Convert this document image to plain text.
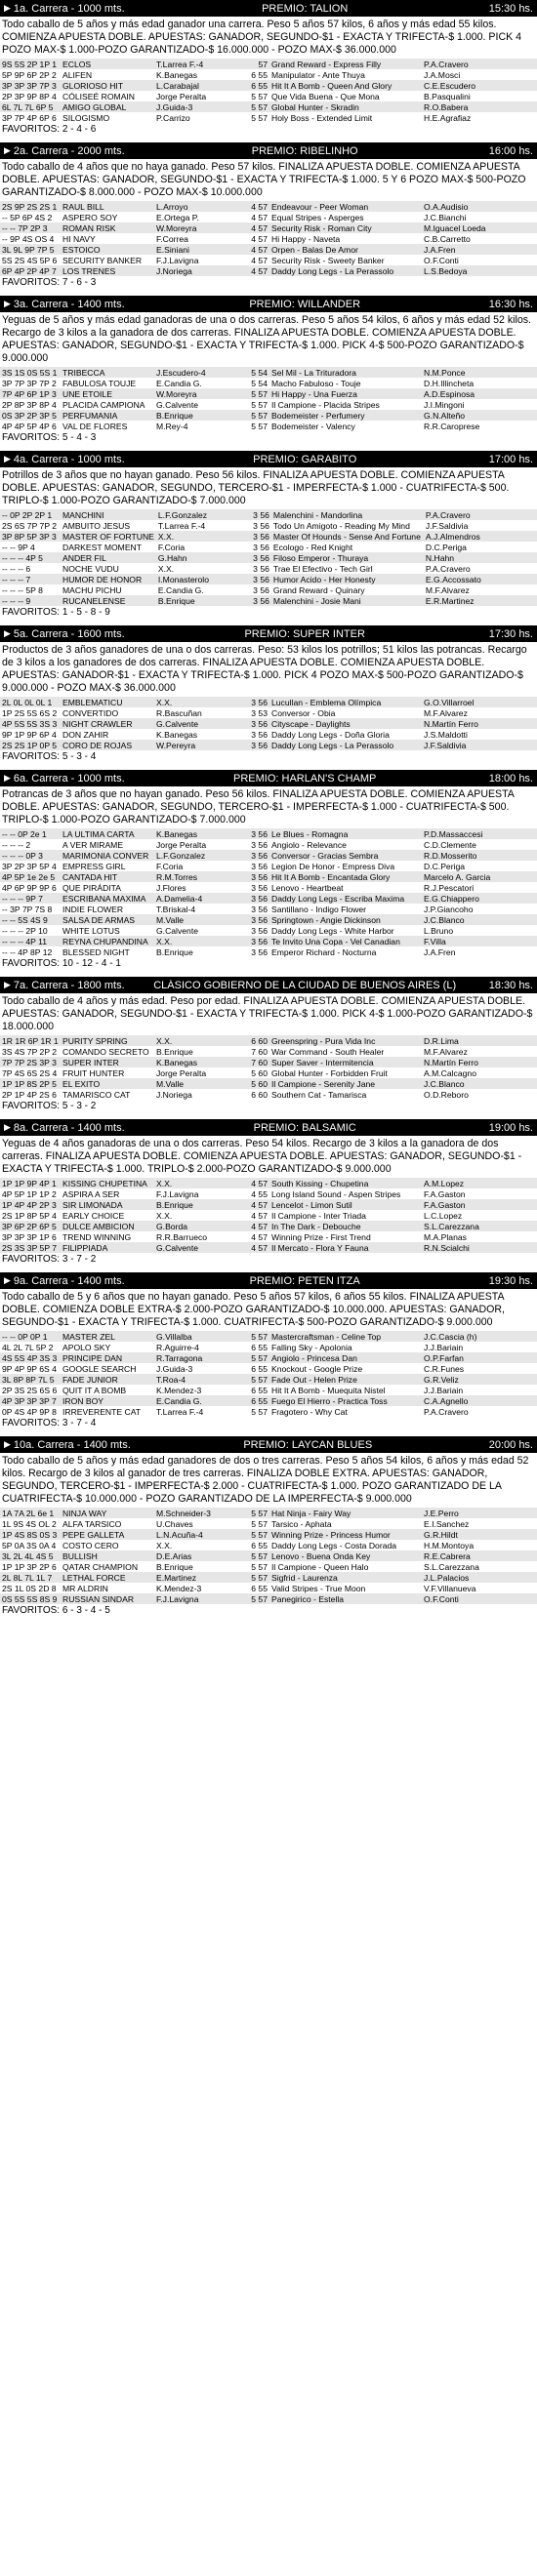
▶ 1a. Carrera - 1000 mts.	PREMIO: TALION	15:30 hs.
Todo caballo de 5 años y más edad ganador una carrera. Peso 5 años 57 kilos, 6 años y más edad 55 kilos. COMIENZA APUESTA DOBLE. APUESTAS: GANADOR, SEGUNDO-$1 - EXACTA Y TRIFECTA-$ 1.000. PICK 4 POZO MAX-$ 1.000-POZO GARANTIZADO-$ 16.000.000 - POZO MAX-$ 36.000.000
9S 5S 2P 1P 1	ECLOS	T.Larrea F.-4	57	Grand Reward - Express Filly	P.A.Cravero
5P 9P 6P 2P 2	ALIFEN	K.Banegas	6 55	Manipulator - Ante Thuya	J.A.Mosci
3P 3P 3P 7P 3	GLORIOSO HIT	L.Carabajal	6 55	Hit It A Bomb - Queen And Glory	C.E.Escudero
2P 3P 9P 8P 4	CÓLISEÉ ROMAIN	Jorge Peralta	5 57	Que Vida Buena - Que Mona	B.Pasqualini
6L 7L 7L 6P 5	AMIGO GLOBAL	J.Guida-3	5 57	Global Hunter - Skradin	R.O.Babera
3P 7P 4P 6P 6	SILOGISMO	P.Carrizo	5 57	Holy Boss - Extended Limit	H.E.Agrafiaz
FAVORITOS: 2 - 4 - 6
▶ 2a. Carrera - 2000 mts.	PREMIO: RIBELINHO	16:00 hs.
Todo caballo de 4 años que no haya ganado. Peso 57 kilos. FINALIZA APUESTA DOBLE. COMIENZA APUESTA DOBLE. APUESTAS: GANADOR, SEGUNDO-$1 - EXACTA Y TRIFECTA-$ 1.000. 5 Y 6 POZO MAX-$ 500-POZO GARANTIZADO-$ 8.000.000 - POZO MAX-$ 10.000.000
2S 9P 2S 2S 1	RAUL BILL	L.Arroyo	4 57	Endeavour - Peer Woman	O.A.Audisio
-- 5P 6P 4S 2	ASPERO SOY	E.Ortega P.	4 57	Equal Stripes - Asperges	J.C.Bianchi
-- -- 7P 2P 3	ROMAN RISK	W.Moreyra	4 57	Security Risk - Roman City	M.Iguacel Loeda
-- 9P 4S OS 4	HI NAVY	F.Correa	4 57	Hi Happy - Naveta	C.B.Carretto
3L 9L 9P 7P 5	ESTOICO	E.Siniani	4 57	Orpen - Balas De Amor	J.A.Fren
5S 2S 4S 5P 6	SECURITY BANKER	F.J.Lavigna	4 57	Security Risk - Sweety Banker	O.F.Conti
6P 4P 2P 4P 7	LOS TRENES	J.Noriega	4 57	Daddy Long Legs - La Perassolo	L.S.Bedoya
FAVORITOS: 7 - 6 - 3
▶ 3a. Carrera - 1400 mts.	PREMIO: WILLANDER	16:30 hs.
Yeguas de 5 años y más edad ganadoras de una o dos carreras. Peso 5 años 54 kilos, 6 años y más edad 52 kilos. Recargo de 3 kilos a la ganadora de dos carreras. FINALIZA APUESTA DOBLE. COMIENZA APUESTA DOBLE. APUESTAS: GANADOR, SEGUNDO-$1 - EXACTA Y TRIFECTA-$ 1.000. PICK 4-$ 500-POZO GARANTIZADO-$ 9.000.000
3S 1S 0S 5S 1	TRIBECCA	J.Escudero-4	5 54	Sel Mil - La Trituradora	N.M.Ponce
3P 7P 3P 7P 2	FABULOSA TOUJE	E.Candia G.	5 54	Macho Fabuloso - Touje	D.H.Illincheta
7P 4P 6P 1P 3	UNE ETOILE	W.Moreyra	5 57	Hi Happy - Una Fuerza	A.D.Espinosa
2P 8P 3P 8P 4	PLACIDA CAMPIONA	G.Calvente	5 57	Il Campione - Placida Stripes	J.I.Mingoni
0S 3P 2P 3P 5	PERFUMANIA	B.Enrique	5 57	Bodemeister - Perfumery	G.N.Alteño
4P 4P 5P 4P 6	VAL DE FLORES	M.Rey-4	5 57	Bodemeister - Valency	R.R.Caroprese
FAVORITOS: 5 - 4 - 3
▶ 4a. Carrera - 1000 mts.	PREMIO: GARABITO	17:00 hs.
Potrillos de 3 años que no hayan ganado. Peso 56 kilos. FINALIZA APUESTA DOBLE. COMIENZA APUESTA DOBLE. APUESTAS: GANADOR, SEGUNDO, TERCERO-$1 - IMPERFECTA-$ 1.000 - CUATRIFECTA-$ 500. TRIPLO-$ 1.000-POZO GARANTIZADO-$ 7.000.000
-- 0P 2P 2P 1	MANCHINI	L.F.Gonzalez	3 56	Malenchini - Mandorlina	P.A.Cravero
2S 6S 7P 7P 2	AMBUITO JESUS	T.Larrea F.-4	3 56	Todo Un Amigoto - Reading My Mind	J.F.Saldivia
3P 8P 5P 3P 3	MASTER OF FORTUNE	X.X.	3 56	Master Of Hounds - Sense And Fortune	A.J.Almendros
-- -- 9P 4	DARKEST MOMENT	F.Coria	3 56	Ecologo - Red Knight	D.C.Periga
-- -- -- 4P 5	ANDER FIL	G.Hahn	3 56	Filoso Emperor - Thuraya	N.Hahn
-- -- -- 6	NOCHE VUDU	X.X.	3 56	Trae El Efectivo - Tech Girl	P.A.Cravero
-- -- -- 7	HUMOR DE HONOR	I.Monasterolo	3 56	Humor Acido - Her Honesty	E.G.Accossato
-- -- -- 5P 8	MACHU PICHU	E.Candia G.	3 56	Grand Reward - Quinary	M.F.Alvarez
-- -- -- 9	RUCANELENSE	B.Enrique	3 56	Malenchini - Josie Mani	E.R.Martinez
FAVORITOS: 1 - 5 - 8 - 9
▶ 5a. Carrera - 1600 mts.	PREMIO: SUPER INTER	17:30 hs.
Productos de 3 años ganadores de una o dos carreras. Peso: 53 kilos los potrillos; 51 kilos las potrancas. Recargo de 3 kilos a los ganadores de dos carreras. FINALIZA APUESTA DOBLE. COMIENZA APUESTA DOBLE. APUESTAS: GANADOR-$1 - EXACTA Y TRIFECTA-$ 1.000. PICK 4 POZO MAX-$ 500-POZO GARANTIZADO-$ 9.000.000 - POZO MAX-$ 36.000.000
2L 0L 0L 0L 1	EMBLEMATICU	X.X.	3 56	Lucullan - Emblema Olímpica	G.O.Villarroel
1P 2S 5S 6S 2	CONVERTIDO	R.Bascuñan	3 53	Conversor - Obia	M.F.Alvarez
4P 5S 5S 3S 3	NIGHT CRAWLER	G.Calvente	3 56	Cityscape - Daylights	N.Martín Ferro
9P 1P 9P 6P 4	DON ZAHIR	K.Banegas	3 56	Daddy Long Legs - Doña Gloria	J.S.Maldotti
2S 2S 1P 0P 5	CORO DE ROJAS	W.Pereyra	3 56	Daddy Long Legs - La Perassolo	J.F.Saldivia
FAVORITOS: 5 - 3 - 4
▶ 6a. Carrera - 1000 mts.	PREMIO: HARLAN'S CHAMP	18:00 hs.
Potrancas de 3 años que no hayan ganado. Peso 56 kilos. FINALIZA APUESTA DOBLE. COMIENZA APUESTA DOBLE. APUESTAS: GANADOR, SEGUNDO, TERCERO-$1 - IMPERFECTA-$ 1.000 - CUATRIFECTA-$ 500. TRIPLO-$ 1.000-POZO GARANTIZADO-$ 7.000.000
-- -- 0P 2e 1	LA ULTIMA CARTA	K.Banegas	3 56	Le Blues - Romagna	P.D.Massaccesi
-- -- -- 2	A VER MIRAME	Jorge Peralta	3 56	Angiolo - Relevance	C.D.Clemente
-- -- -- 0P 3	MARIMONIA CONVER	L.F.Gonzalez	3 56	Conversor - Gracias Sembra	R.D.Mosserito
3P 2P 3P 5P 4	EMPRESS GIRL	F.Coria	3 56	Legion De Honor - Empress Diva	D.C.Periga
4P 5P 1e 2e 5	CANTADA HIT	R.M.Torres	3 56	Hit It A Bomb - Encantada Glory	Marcelo A. Garcia
4P 6P 9P 9P 6	QUE PIRÁDITA	J.Flores	3 56	Lenovo - Heartbeat	R.J.Pescatori
-- -- -- 9P 7	ESCRIBANA MAXIMA	A.Damelia-4	3 56	Daddy Long Legs - Escriba Maxima	E.G.Chiappero
-- 3P 7P 7S 8	INDIE FLOWER	T.Briskal-4	3 56	Santillano - Indigo Flower	J.P.Giancoho
-- -- 5S 4S 9	SALSA DE ARMAS	M.Valle	3 56	Springtown - Angie Dickinson	J.C.Blanco
-- -- -- 2P 10	WHITE LOTUS	G.Calvente	3 56	Daddy Long Legs - White Harbor	L.Bruno
-- -- -- 4P 11	REYNA CHUPANDINA	X.X.	3 56	Te Invito Una Copa - Vel Canadian	F.Villa
-- -- 4P 8P 12	BLESSED NIGHT	B.Enrique	3 56	Emperor Richard - Nocturna	J.A.Fren
FAVORITOS: 10 - 12 - 4 - 1
▶ 7a. Carrera - 1800 mts.	CLÁSICO GOBIERNO DE LA CIUDAD DE BUENOS AIRES (L)	18:30 hs.
Todo caballo de 4 años y más edad. Peso por edad. FINALIZA APUESTA DOBLE. COMIENZA APUESTA DOBLE. APUESTAS: GANADOR, SEGUNDO-$1 - EXACTA Y TRIFECTA-$ 1.000. PICK 4-$ 1.000-POZO GARANTIZADO-$ 18.000.000
1R 1R 6P 1R 1	PURITY SPRING	X.X.	6 60	Greenspring - Pura Vida Inc	D.R.Lima
3S 4S 7P 2P 2	COMANDO SECRETO	B.Enrique	7 60	War Command - South Healer	M.F.Alvarez
7P 7P 2S 3P 3	SUPER INTER	K.Banegas	7 60	Super Saver - Intermitencia	N.Martín Ferro
7P 4S 6S 2S 4	FRUIT HUNTER	Jorge Peralta	5 60	Global Hunter - Forbidden Fruit	A.M.Calcagno
1P 1P 8S 2P 5	EL EXITO	M.Valle	5 60	Il Campione - Serenity Jane	J.C.Blanco
2P 1P 4P 2S 6	TAMARISCO CAT	J.Noriega	6 60	Southern Cat - Tamarisca	O.D.Reboro
FAVORITOS: 5 - 3 - 2
▶ 8a. Carrera - 1400 mts.	PREMIO: BALSAMIC	19:00 hs.
Yeguas de 4 años ganadoras de una o dos carreras. Peso 54 kilos. Recargo de 3 kilos a la ganadora de dos carreras. FINALIZA APUESTA DOBLE. COMIENZA APUESTA DOBLE. APUESTAS: GANADOR, SEGUNDO-$1 - EXACTA Y TRIFECTA-$ 1.000. TRIPLO-$ 2.000-POZO GARANTIZADO-$ 9.000.000
1P 1P 9P 4P 1	KISSING CHUPETINA	X.X.	4 57	South Kissing - Chupetina	A.M.Lopez
4P 5P 1P 1P 2	ASPIRA A SER	F.J.Lavigna	4 55	Long Island Sound - Aspen Stripes	F.A.Gaston
1P 4P 4P 2P 3	SIR LIMONADA	B.Enrique	4 57	Lencelot - Limon Sutil	F.A.Gaston
2S 1P 8P 5P 4	EARLY CHOICE	X.X.	4 57	Il Campione - Inter Triada	L.C.Lopez
3P 6P 2P 6P 5	DULCE AMBICION	G.Borda	4 57	In The Dark - Debouche	S.L.Carezzana
3P 3P 3P 1P 6	TREND WINNING	R.R.Barrueco	4 57	Winning Prize - First Trend	M.A.Planas
2S 3S 3P 5P 7	FILIPPIADA	G.Calvente	4 57	Il Mercato - Flora Y Fauna	R.N.Scialchi
FAVORITOS: 3 - 7 - 2
▶ 9a. Carrera - 1400 mts.	PREMIO: PETEN ITZA	19:30 hs.
Todo caballo de 5 y 6 años que no hayan ganado. Peso 5 años 57 kilos, 6 años 55 kilos. FINALIZA APUESTA DOBLE. COMIENZA DOBLE EXTRA-$ 2.000-POZO GARANTIZADO-$ 10.000.000. APUESTAS: GANADOR, SEGUNDO-$1 - EXACTA Y TRIFECTA-$ 1.000. CUATRIFECTA-$ 500-POZO GARANTIZADO-$ 9.000.000
-- -- 0P 0P 1	MASTER ZEL	G.Villalba	5 57	Mastercraftsman - Celine Top	J.C.Cascia (h)
4L 2L 7L 5P 2	APOLO SKY	R.Aguirre-4	6 55	Falling Sky - Apolonia	J.J.Bariain
4S 5S 4P 3S 3	PRINCIPE DAN	R.Tarragona	5 57	Angiolo - Princesa Dan	O.P.Farfan
9P 4P 9P 6S 4	GOOGLE SEARCH	J.Guida-3	6 55	Knockout - Google Prize	C.R.Funes
3L 8P 8P 7L 5	FADE JUNIOR	T.Roa-4	5 57	Fade Out - Helen Prize	G.R.Veliz
2P 3S 2S 6S 6	QUIT IT A BOMB	K.Mendez-3	6 55	Hit It A Bomb - Muequita Nistel	J.J.Bariain
4P 3P 3P 3P 7	IRON BOY	E.Candia G.	6 55	Fuego El Hierro - Practica Toss	C.A.Agnello
0P 4S 4P 9P 8	IRREVERENTE CAT	T.Larrea F.-4	5 57	Fragotero - Why Cat	P.A.Cravero
FAVORITOS: 3 - 7 - 4
▶ 10a. Carrera - 1400 mts.	PREMIO: LAYCAN BLUES	20:00 hs.
Todo caballo de 5 años y más edad ganadores de dos o tres carreras. Peso 5 años 54 kilos, 6 años y más edad 52 kilos. Recargo de 3 kilos al ganador de tres carreras. FINALIZA DOBLE EXTRA. APUESTAS: GANADOR, SEGUNDO, TERCERO-$1 - IMPERFECTA-$ 2.000 - CUATRIFECTA-$ 1.000. POZO GARANTIZADO DE LA CUATRIFECTA-$ 10.000.000 - POZO GARANTIZADO DE LA IMPERFECTA-$ 9.000.000
1A 7A 2L 6e 1	NINJA WAY	M.Schneider-3	5 57	Hat Ninja - Fairy Way	J.E.Perro
1L 9S 4S OL 2	ALFA TARSICO	U.Chaves	5 57	Tarsico - Aphata	E.I.Sanchez
1P 4S 8S 0S 3	PEPE GALLETA	L.N.Acuña-4	5 57	Winning Prize - Princess Humor	G.R.Hildt
5P 0A 3S 0A 4	COSTO CERO	X.X.	6 55	Daddy Long Legs - Costa Dorada	H.M.Montoya
3L 2L 4L 4S 5	BULLISH	D.E.Arias	5 57	Lenovo - Buena Onda Key	R.E.Cabrera
1P 1P 3P 2P 6	QATAR CHAMPION	B.Enrique	5 57	Il Campione - Queen Halo	S.L.Carezzana
2L 8L 7L 1L 7	LETHAL FORCE	E.Martinez	5 57	Sigfrid - Laurenza	J.L.Palacios
2S 1L 0S 2D 8	MR ALDRIN	K.Mendez-3	6 55	Valid Stripes - True Moon	V.F.Villanueva
0S 5S 5S 8S 9	RUSSIAN SINDAR	F.J.Lavigna	5 57	Panegirico - Estella	O.F.Conti
FAVORITOS: 6 - 3 - 4 - 5
